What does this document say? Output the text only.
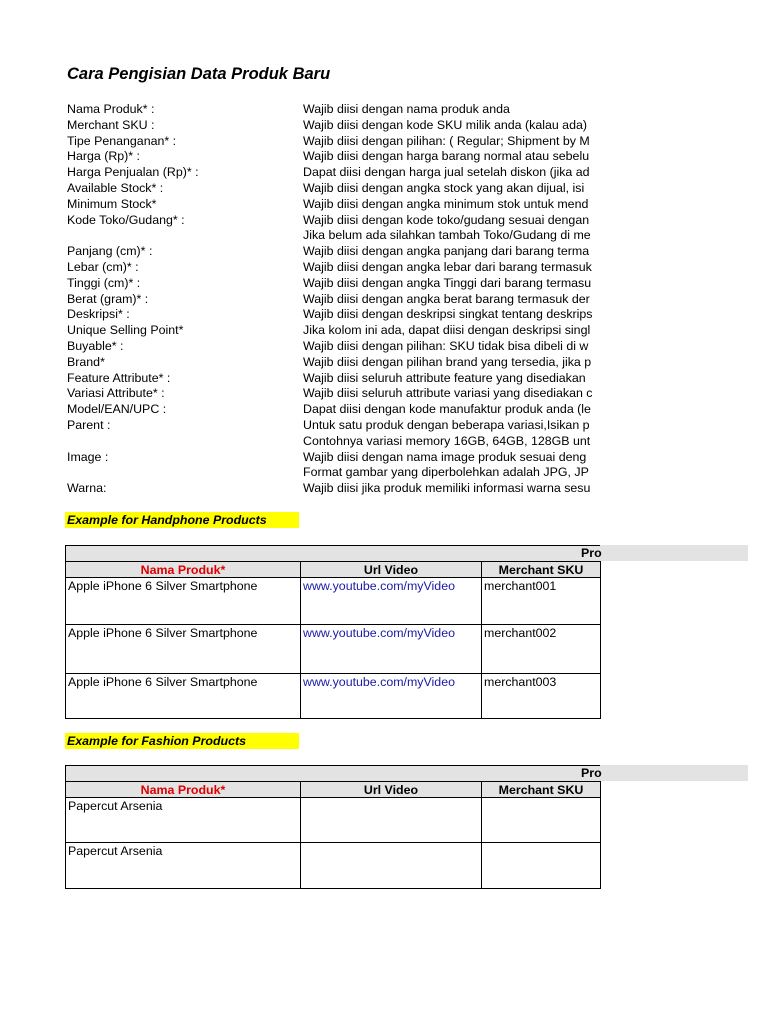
Cara Pengisian Data Produk Baru
Nama Produk* :	Wajib diisi dengan nama produk anda
Merchant SKU :	Wajib diisi dengan kode SKU milik anda (kalau ada)
Tipe Penanganan* :	Wajib diisi dengan pilihan: ( Regular; Shipment by M
Harga (Rp)* :	Wajib diisi dengan harga barang normal atau sebelu
Harga Penjualan (Rp)* :	Dapat diisi dengan harga jual setelah diskon (jika ad
Available Stock* :	Wajib diisi dengan angka stock yang akan dijual, isi
Minimum Stock*	Wajib diisi dengan angka minimum stok untuk mend
Kode Toko/Gudang* :	Wajib diisi dengan kode toko/gudang sesuai dengan
Jika belum ada silahkan tambah Toko/Gudang di me
Panjang (cm)* :	Wajib diisi dengan angka panjang dari barang terma
Lebar (cm)* :	Wajib diisi dengan angka lebar dari barang termasuk
Tinggi (cm)* :	Wajib diisi dengan angka Tinggi dari barang termasu
Berat (gram)* :	Wajib diisi dengan angka berat barang termasuk der
Deskripsi* :	Wajib diisi dengan deskripsi singkat tentang deskrips
Unique Selling Point*	Jika kolom ini ada, dapat diisi dengan deskripsi singl
Buyable* :	Wajib diisi dengan pilihan: SKU tidak bisa dibeli di w
Brand*	Wajib diisi dengan pilihan brand yang tersedia, jika p
Feature Attribute* :	Wajib diisi seluruh attribute feature yang disediakan
Variasi Attribute* :	Wajib diisi seluruh attribute variasi yang disediakan c
Model/EAN/UPC :	Dapat diisi dengan kode manufaktur produk anda (le
Parent :	Untuk satu produk dengan beberapa variasi,Isikan p
Contohnya variasi memory 16GB, 64GB, 128GB unt
Image :	Wajib diisi dengan nama image produk sesuai deng
Format gambar yang diperbolehkan adalah JPG, JP
Warna:	Wajib diisi jika produk memiliki informasi warna sesu
Example for Handphone Products
Pro
Nama Produk*	Url Video	Merchant SKU
Apple iPhone 6 Silver Smartphone	www.youtube.com/myVideo	merchant001
Apple iPhone 6 Silver Smartphone	www.youtube.com/myVideo	merchant002
Apple iPhone 6 Silver Smartphone	www.youtube.com/myVideo	merchant003
Example for Fashion Products
Pro
Nama Produk*	Url Video	Merchant SKU
Papercut Arsenia
Papercut Arsenia
